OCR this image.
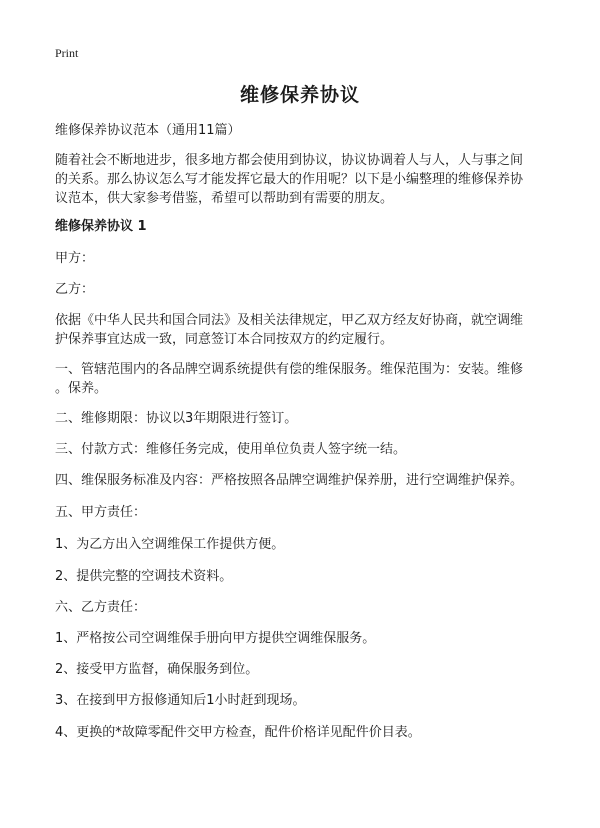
Print
维修保养协议
维修保养协议范本（通用11篇）
随着社会不断地进步，很多地方都会使用到协议，协议协调着人与人，人与事之间
的关系。那么协议怎么写才能发挥它最大的作用呢？以下是小编整理的维修保养协
议范本，供大家参考借鉴，希望可以帮助到有需要的朋友。
维修保养协议 1
甲方：
乙方：
依据《中华人民共和国合同法》及相关法律规定，甲乙双方经友好协商，就空调维
护保养事宜达成一致，同意签订本合同按双方的约定履行。
一、管辖范围内的各品牌空调系统提供有偿的维保服务。维保范围为：安装。维修
。保养。
二、维修期限：协议以3年期限进行签订。
三、付款方式：维修任务完成，使用单位负责人签字统一结。
四、维保服务标准及内容：严格按照各品牌空调维护保养册，进行空调维护保养。
五、甲方责任：
1、为乙方出入空调维保工作提供方便。
2、提供完整的空调技术资料。
六、乙方责任：
1、严格按公司空调维保手册向甲方提供空调维保服务。
2、接受甲方监督，确保服务到位。
3、在接到甲方报修通知后1小时赶到现场。
4、更换的*故障零配件交甲方检查，配件价格详见配件价目表。
